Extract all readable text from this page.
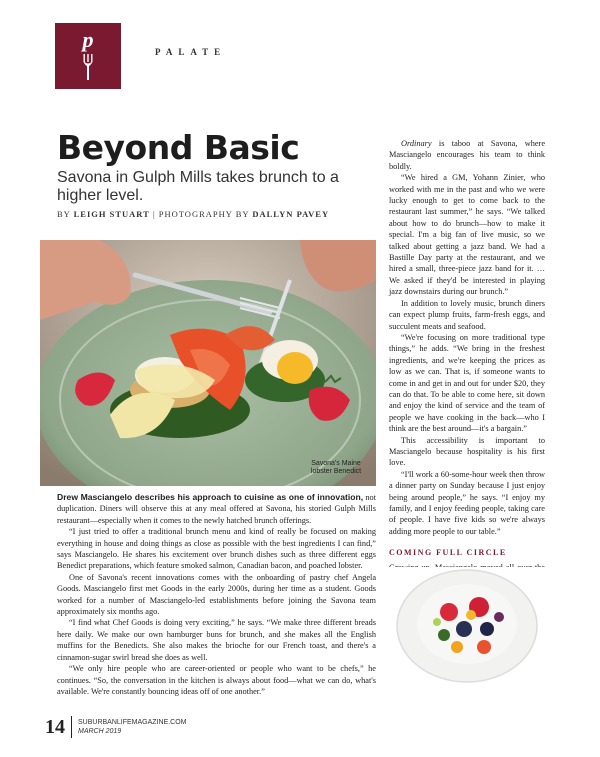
p	PALATE
Beyond Basic

Savona in Gulph Mills takes brunch to a higher level.

BY LEIGH STUART | PHOTOGRAPHY BY DALLYN PAVEY
Savona's Maine lobster Benedict

Drew Masciangelo describes his approach to cuisine as one of innovation, not duplication. Diners will observe this at any meal offered at Savona, his storied Gulph Mills restaurant—especially when it comes to the newly hatched brunch offerings.

“I just tried to offer a traditional brunch menu and kind of really be focused on making everything in house and doing things as close as possible with the best ingredients I can find,” says Masciangelo. He shares his excitement over brunch dishes such as three different eggs Benedict preparations, which feature smoked salmon, Canadian bacon, and poached lobster.

One of Savona's recent innovations comes with the onboarding of pastry chef Angela Goods. Masciangelo first met Goods in the early 2000s, during her time as a student. Goods worked for a number of Masciangelo-led establishments before joining the Savona team approximately six months ago.

“I find what Chef Goods is doing very exciting,” he says. “We make three different breads here daily. We make our own hamburger buns for brunch, and she makes all the English muffins for the Benedicts. She also makes the brioche for our French toast, and there's a cinnamon-sugar swirl bread she does as well.

“We only hire people who are career-oriented or people who want to be chefs,” he continues. “So, the conversation in the kitchen is always about food—what we can do, what's available. We're constantly bouncing ideas off of one another.”

Ordinary is taboo at Savona, where Masciangelo encourages his team to think boldly.

“We hired a GM, Yohann Zinier, who worked with me in the past and who we were lucky enough to get to come back to the restaurant last summer,” he says. “We talked about how to do brunch—how to make it special. I'm a big fan of live music, so we talked about getting a jazz band. We had a Bastille Day party at the restaurant, and we hired a small, three-piece jazz band for it. … We asked if they'd be interested in playing jazz downstairs during our brunch.”

In addition to lovely music, brunch diners can expect plump fruits, farm-fresh eggs, and succulent meats and seafood.

“We're focusing on more traditional type things,” he adds. “We bring in the freshest ingredients, and we're keeping the prices as low as we can. That is, if someone wants to come in and get in and out for under $20, they can do that. To be able to come here, sit down and enjoy the kind of service and the team of people we have cooking in the back—who I think are the best around—it's a bargain.”

This accessibility is important to Masciangelo because hospitality is his first love.

“I'll work a 60-some-hour week then throw a dinner party on Sunday because I just enjoy being around people,” he says. “I enjoy my family, and I enjoy feeding people, taking care of people. I have five kids so we're always adding more people to our table.”

COMING FULL CIRCLE

14	SUBURBANLIFEMAGAZINE.COM
MARCH 2019
